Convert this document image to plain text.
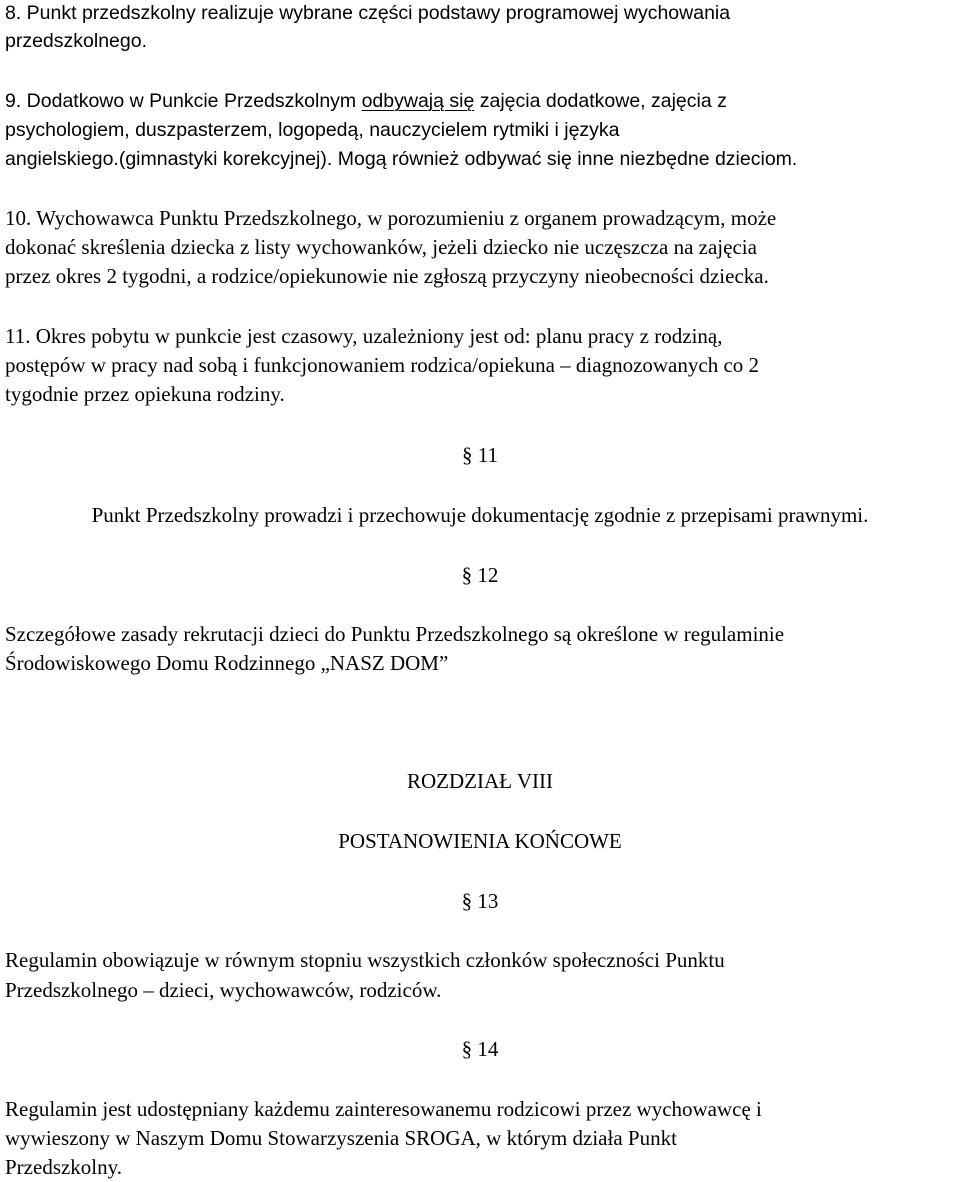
8. Punkt przedszkolny realizuje wybrane części podstawy programowej wychowania
przedszkolnego.
9. Dodatkowo w Punkcie Przedszkolnym odbywają się zajęcia dodatkowe, zajęcia z
psychologiem, duszpasterzem, logopedą, nauczycielem rytmiki i języka
angielskiego.(gimnastyki korekcyjnej). Mogą również odbywać się inne niezbędne dzieciom.
10. Wychowawca Punktu Przedszkolnego, w porozumieniu z organem prowadzącym, może
dokonać skreślenia dziecka z listy wychowanków, jeżeli dziecko nie uczęszcza na zajęcia
przez okres 2 tygodni, a rodzice/opiekunowie nie zgłoszą przyczyny nieobecności dziecka.
11. Okres pobytu w punkcie jest czasowy, uzależniony jest od: planu pracy z rodziną,
postępów w pracy nad sobą i funkcjonowaniem rodzica/opiekuna – diagnozowanych co 2
tygodnie przez opiekuna rodziny.
§ 11
Punkt Przedszkolny prowadzi i przechowuje dokumentację zgodnie z przepisami prawnymi.
§ 12
Szczegółowe zasady rekrutacji dzieci do Punktu Przedszkolnego są określone w regulaminie
Środowiskowego Domu Rodzinnego „NASZ DOM”
ROZDZIAŁ VIII
POSTANOWIENIA KOŃCOWE
§ 13
Regulamin obowiązuje w równym stopniu wszystkich członków społeczności Punktu
Przedszkolnego – dzieci, wychowawców, rodziców.
§ 14
Regulamin jest udostępniany każdemu zainteresowanemu rodzicowi przez wychowawcę i
wywieszony w Naszym Domu Stowarzyszenia SROGA, w którym działa Punkt
Przedszkolny.
